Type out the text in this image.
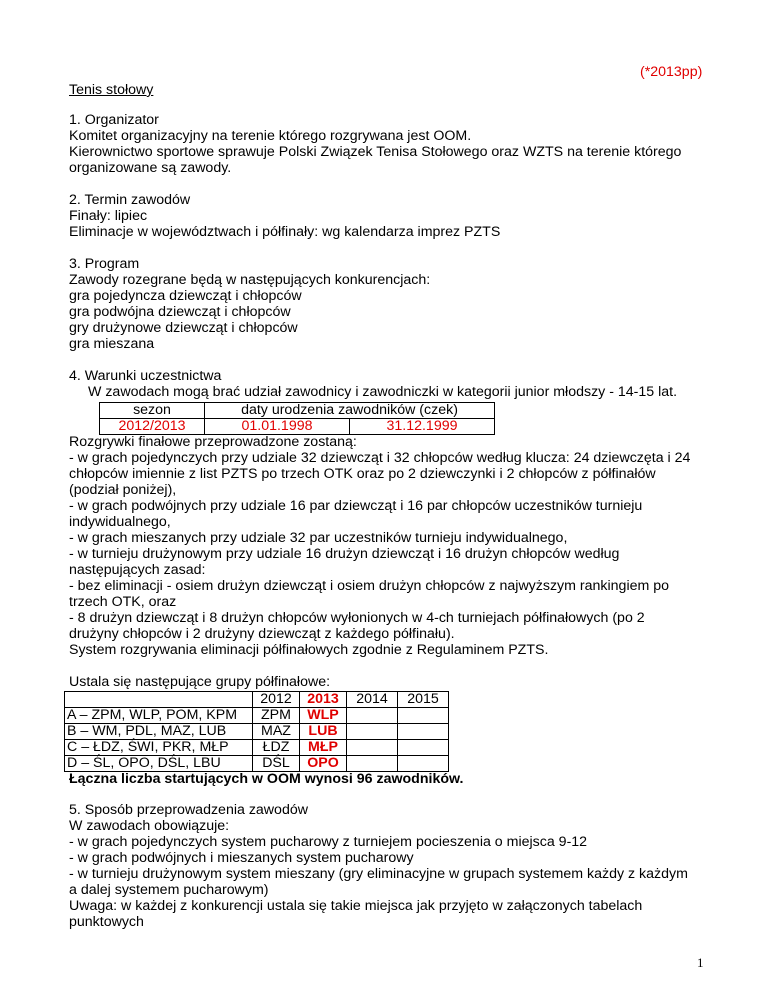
(*2013pp)
Tenis stołowy
1. Organizator
Komitet organizacyjny na terenie którego rozgrywana jest OOM.
Kierownictwo sportowe sprawuje Polski Związek Tenisa Stołowego oraz WZTS na terenie którego
organizowane są zawody.
2. Termin zawodów
Finały: lipiec
Eliminacje w województwach i półfinały: wg kalendarza imprez PZTS
3. Program
Zawody rozegrane będą w następujących konkurencjach:
gra pojedyncza dziewcząt i chłopców
gra podwójna dziewcząt i chłopców
gry drużynowe dziewcząt i chłopców
gra mieszana
4. Warunki uczestnictwa
W zawodach mogą brać udział zawodnicy i zawodniczki w kategorii junior młodszy - 14-15 lat.
sezon	daty urodzenia zawodników (czek)	
2012/2013	01.01.1998	31.12.1999
Rozgrywki finałowe przeprowadzone zostaną:
- w grach pojedynczych przy udziale 32 dziewcząt i 32 chłopców według klucza: 24 dziewczęta i 24
chłopców imiennie z list PZTS po trzech OTK oraz po 2 dziewczynki i 2 chłopców z półfinałów
(podział poniżej),
- w grach podwójnych przy udziale 16 par dziewcząt i 16 par chłopców uczestników turnieju
indywidualnego,
- w grach mieszanych przy udziale 32 par uczestników turnieju indywidualnego,
- w turnieju drużynowym przy udziale 16 drużyn dziewcząt i 16 drużyn chłopców według
następujących zasad:
- bez eliminacji - osiem drużyn dziewcząt i osiem drużyn chłopców z najwyższym rankingiem po
trzech OTK, oraz
- 8 drużyn dziewcząt i 8 drużyn chłopców wyłonionych w 4-ch turniejach półfinałowych (po 2
drużyny chłopców i 2 drużyny dziewcząt z każdego półfinału).
System rozgrywania eliminacji półfinałowych zgodnie z Regulaminem PZTS.
Ustala się następujące grupy półfinałowe:
	2012	2013	2014	2015
A – ZPM, WLP, POM, KPM	ZPM	WLP		
B – WM, PDL, MAZ, LUB	MAZ	LUB		
C – ŁDZ, ŚWI, PKR, MŁP	ŁDZ	MŁP		
D – ŚL, OPO, DŚL, LBU	DŚL	OPO		
Łączna liczba startujących w OOM wynosi 96 zawodników.
5. Sposób przeprowadzenia zawodów
W zawodach obowiązuje:
- w grach pojedynczych system pucharowy z turniejem pocieszenia o miejsca 9-12
- w grach podwójnych i mieszanych system pucharowy
- w turnieju drużynowym system mieszany (gry eliminacyjne w grupach systemem każdy z każdym
a dalej systemem pucharowym)
Uwaga: w każdej z konkurencji ustala się takie miejsca jak przyjęto w załączonych tabelach
punktowych
1
